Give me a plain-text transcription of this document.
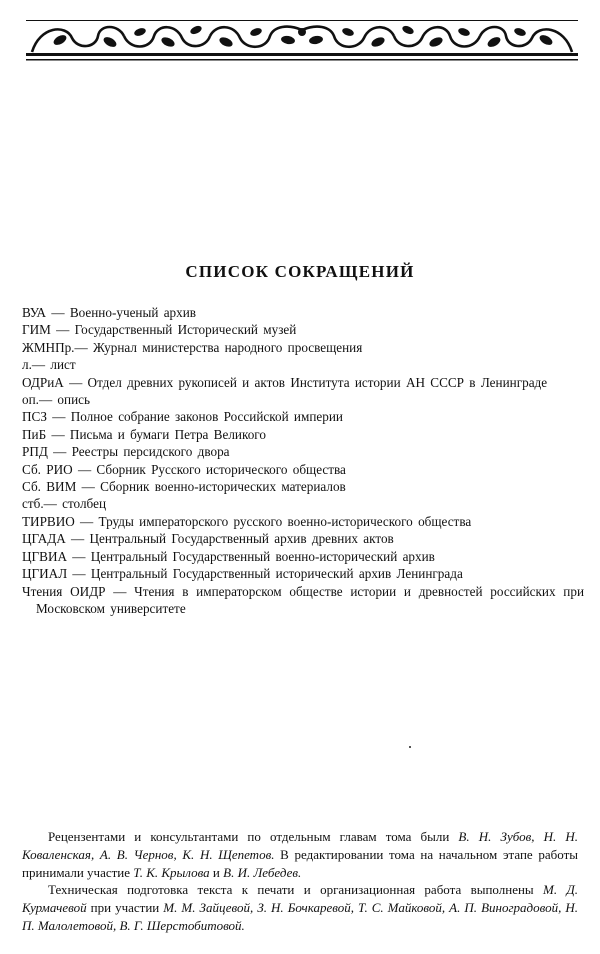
СПИСОК СОКРАЩЕНИЙ
ВУА — Военно-ученый архив
ГИМ — Государственный Исторический музей
ЖМНПр.— Журнал министерства народного просвещения
л.— лист
ОДРиА — Отдел древних рукописей и актов Института истории АН СССР в Ленинграде
оп.— опись
ПСЗ — Полное собрание законов Российской империи
ПиБ — Письма и бумаги Петра Великого
РПД — Реестры персидского двора
Сб. РИО — Сборник Русского исторического общества
Сб. ВИМ — Сборник военно-исторических материалов
стб.— столбец
ТИРВИО — Труды императорского русского военно-исторического общества
ЦГАДА — Центральный Государственный архив древних актов
ЦГВИА — Центральный Государственный военно-исторический архив
ЦГИАЛ — Центральный Государственный исторический архив Ленинграда
Чтения ОИДР — Чтения в императорском обществе истории и древностей российских при Московском университете

Рецензентами и консультантами по отдельным главам тома были В. Н. Зубов, Н. Н. Коваленская, А. В. Чернов, К. Н. Щепетов. В редактировании тома на начальном этапе работы принимали участие Т. К. Крылова и В. И. Лебедев.

Техническая подготовка текста к печати и организационная работа выполнены М. Д. Курмачевой при участии М. М. Зайцевой, З. Н. Бочкаревой, Т. С. Майковой, А. П. Виноградовой, Н. П. Малолетовой, В. Г. Шерстобитовой.
